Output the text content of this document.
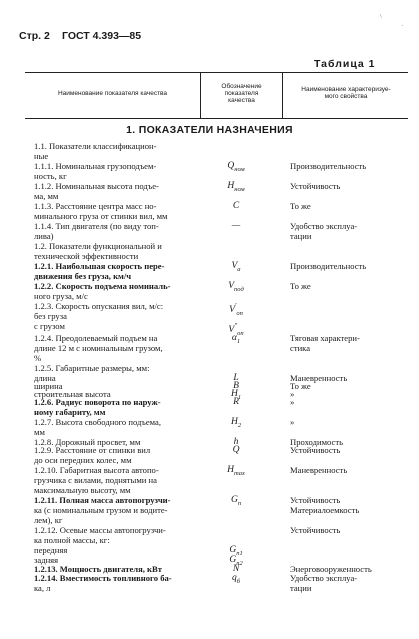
Стр. 2 ГОСТ 4.393—85
\
.
Таблица 1
Наименование показателя качества
Обозначение
показателя
качества
Наименование характеризуе-
мого свойства
1. ПОКАЗАТЕЛИ НАЗНАЧЕНИЯ
1.1. Показатели классификацион-
ные
1.1.1. Номинальная грузоподъем-	$Q_{ном}$	Производительность
ность, кг
1.1.2. Номинальная высота подъе-	$H_{ном}$	Устойчивость
ма, мм
1.1.3. Расстояние центра масс но-	C	То же
минального груза от спинки вил, мм
1.1.4. Тип двигателя (по виду топ-	—	Удобство эксплуа-
лива)	тации
1.2. Показатели функциональной и
технической эффективности
1.2.1. Наибольшая скорость пере-	$V_a$	Производительность
движения без груза, км/ч
1.2.2. Скорость подъема номиналь-	$V_{под}$	То же
ного груза, м/с
1.2.3. Скорость опускания вил, м/с:	$V'_{оп}$
без груза
с грузом	$V''_{оп}$
1.2.4. Преодолеваемый подъем на	$\alpha_1$	Тяговая характери-
длине 12 м с номинальным грузом,	стика
%
1.2.5. Габаритные размеры, мм:
длина	L	Маневренность
ширина	B	То же
строительная высота	$H_1$	»
1.2.6. Радиус поворота по наруж-	R	»
ному габариту, мм
1.2.7. Высота свободного подъема,	$H_2$	»
мм
1.2.8. Дорожный просвет, мм	h	Проходимость
1.2.9. Расстояние от спинки вил	Q	Устойчивость
до оси передних колес, мм
1.2.10. Габаритная высота автопо-	$H_{max}$	Маневренность
грузчика с вилами, поднятыми на
максимальную высоту, мм
1.2.11. Полная масса автопогрузчи-	$G_п$	Устойчивость
ка (с номинальным грузом и водите-	Материалоемкость
лем), кг
1.2.12. Осевые массы автопогрузчи-	Устойчивость
ка полной массы, кг:
передняя	$G_{п1}$
задняя	$G_{п2}$
1.2.13. Мощность двигателя, кВт	N	Энерговооруженность
1.2.14. Вместимость топливного ба-	$q_б$	Удобство эксплуа-
ка, л	тации
